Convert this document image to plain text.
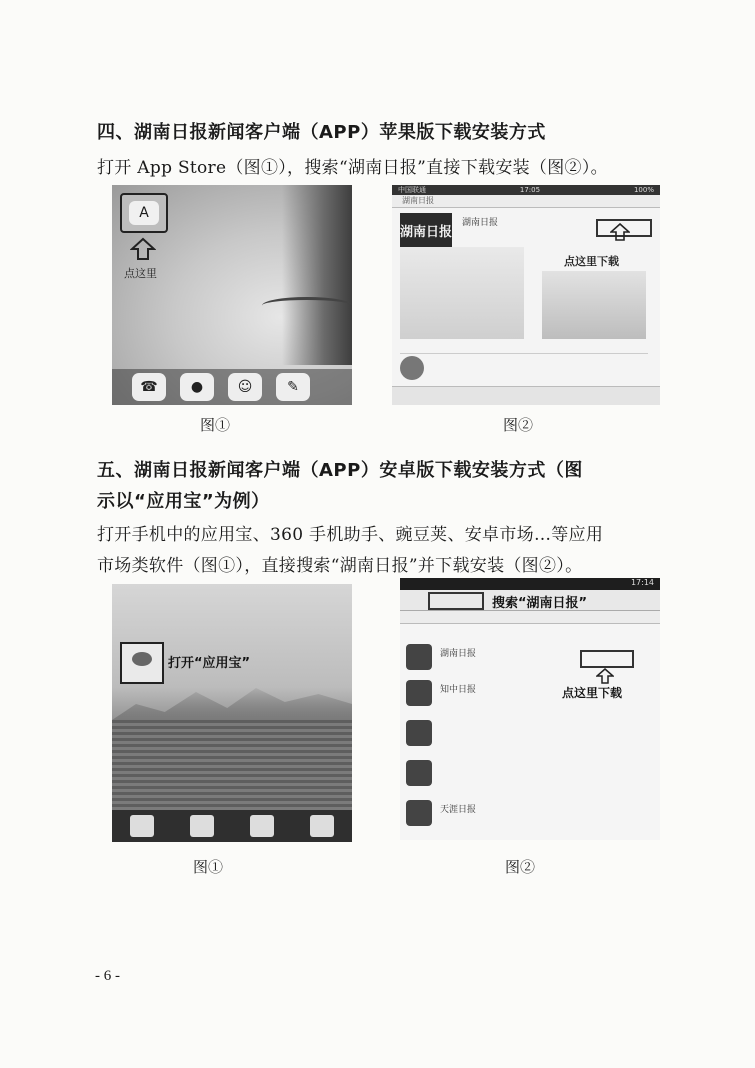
四、湖南日报新闻客户端（APP）苹果版下载安装方式
打开 App Store（图①），搜索“湖南日报”直接下载安装（图②）。
A
点这里
☎	●	☺	✎
中国联通	17:05	100%
湖南日报
湖南日报
湖南日报
点这里下载
图①	图②
五、湖南日报新闻客户端（APP）安卓版下载安装方式（图
示以“应用宝”为例）
打开手机中的应用宝、360 手机助手、豌豆荚、安卓市场…等应用
市场类软件（图①），直接搜索“湖南日报”并下载安装（图②）。
打开“应用宝”
17:14
搜索“湖南日报”
湖南日报
知中日报
天涯日报
点这里下载
图①	图②
- 6 -
